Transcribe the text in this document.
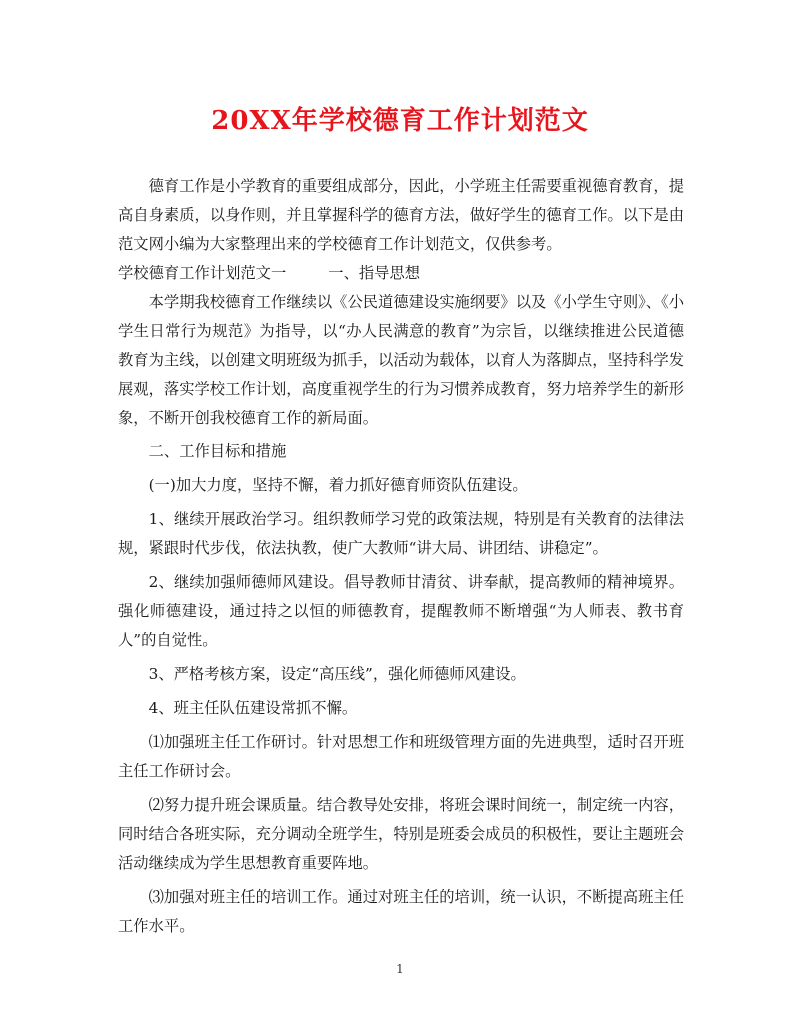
20XX年学校德育工作计划范文

德育工作是小学教育的重要组成部分，因此，小学班主任需要重视德育教育，提高自身素质，以身作则，并且掌握科学的德育方法，做好学生的德育工作。以下是由范文网小编为大家整理出来的学校德育工作计划范文，仅供参考。

学校德育工作计划范文一	一、指导思想

本学期我校德育工作继续以《公民道德建设实施纲要》以及《小学生守则》、《小学生日常行为规范》为指导，以“办人民满意的教育”为宗旨，以继续推进公民道德教育为主线，以创建文明班级为抓手，以活动为载体，以育人为落脚点，坚持科学发展观，落实学校工作计划，高度重视学生的行为习惯养成教育，努力培养学生的新形象，不断开创我校德育工作的新局面。

二、工作目标和措施

(一)加大力度，坚持不懈，着力抓好德育师资队伍建设。

1、继续开展政治学习。组织教师学习党的政策法规，特别是有关教育的法律法规，紧跟时代步伐，依法执教，使广大教师“讲大局、讲团结、讲稳定”。

2、继续加强师德师风建设。倡导教师甘清贫、讲奉献，提高教师的精神境界。强化师德建设，通过持之以恒的师德教育，提醒教师不断增强“为人师表、教书育人”的自觉性。

3、严格考核方案，设定“高压线”，强化师德师风建设。

4、班主任队伍建设常抓不懈。

⑴加强班主任工作研讨。针对思想工作和班级管理方面的先进典型，适时召开班主任工作研讨会。

⑵努力提升班会课质量。结合教导处安排，将班会课时间统一，制定统一内容，同时结合各班实际，充分调动全班学生，特别是班委会成员的积极性，要让主题班会活动继续成为学生思想教育重要阵地。

⑶加强对班主任的培训工作。通过对班主任的培训，统一认识，不断提高班主任工作水平。

1
